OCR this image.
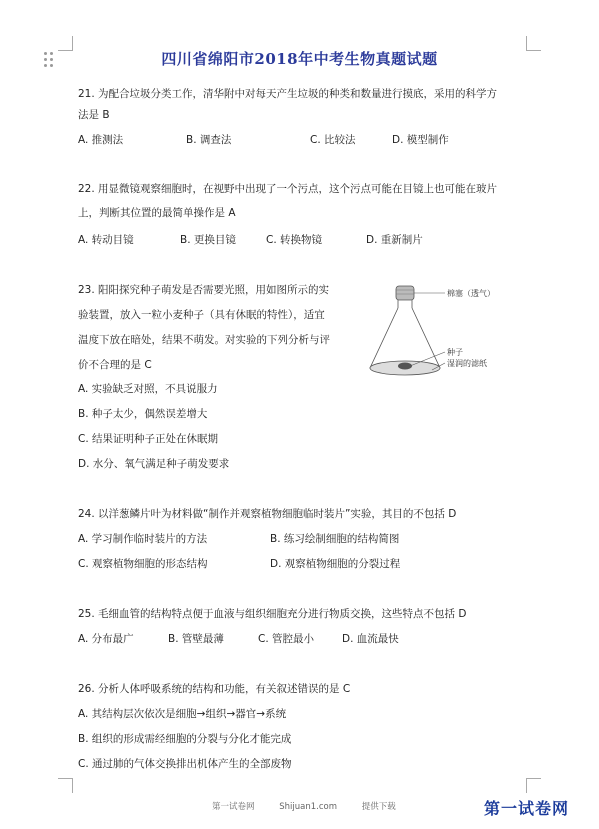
四川省绵阳市2018年中考生物真题试题
21. 为配合垃圾分类工作，清华附中对每天产生垃圾的种类和数量进行摸底，采用的科学方
法是 B
A. 推测法	B. 调查法	C. 比较法	D. 模型制作
22. 用显微镜观察细胞时，在视野中出现了一个污点，这个污点可能在目镜上也可能在玻片
上，判断其位置的最简单操作是 A
A. 转动目镜	B. 更换目镜	C. 转换物镜	D. 重新制片
23. 阳阳探究种子萌发是否需要光照，用如图所示的实
验装置，放入一粒小麦种子（具有休眠的特性），适宜
温度下放在暗处，结果不萌发。对实验的下列分析与评
价不合理的是 C
A. 实验缺乏对照，不具说服力
B. 种子太少，偶然误差增大
C. 结果证明种子正处在休眠期
D. 水分、氧气满足种子萌发要求
棉塞（透气）
种子
湿润的滤纸
24. 以洋葱鳞片叶为材料做“制作并观察植物细胞临时装片”实验，其目的不包括 D
A. 学习制作临时装片的方法	B. 练习绘制细胞的结构简图
C. 观察植物细胞的形态结构	D. 观察植物细胞的分裂过程
25. 毛细血管的结构特点便于血液与组织细胞充分进行物质交换，这些特点不包括 D
A. 分布最广	B. 管壁最薄	C. 管腔最小	D. 血流最快
26. 分析人体呼吸系统的结构和功能，有关叙述错误的是 C
A. 其结构层次依次是细胞→组织→器官→系统
B. 组织的形成需经细胞的分裂与分化才能完成
C. 通过肺的气体交换排出机体产生的全部废物
第一试卷网	Shijuan1.com	提供下载	第一试卷网
